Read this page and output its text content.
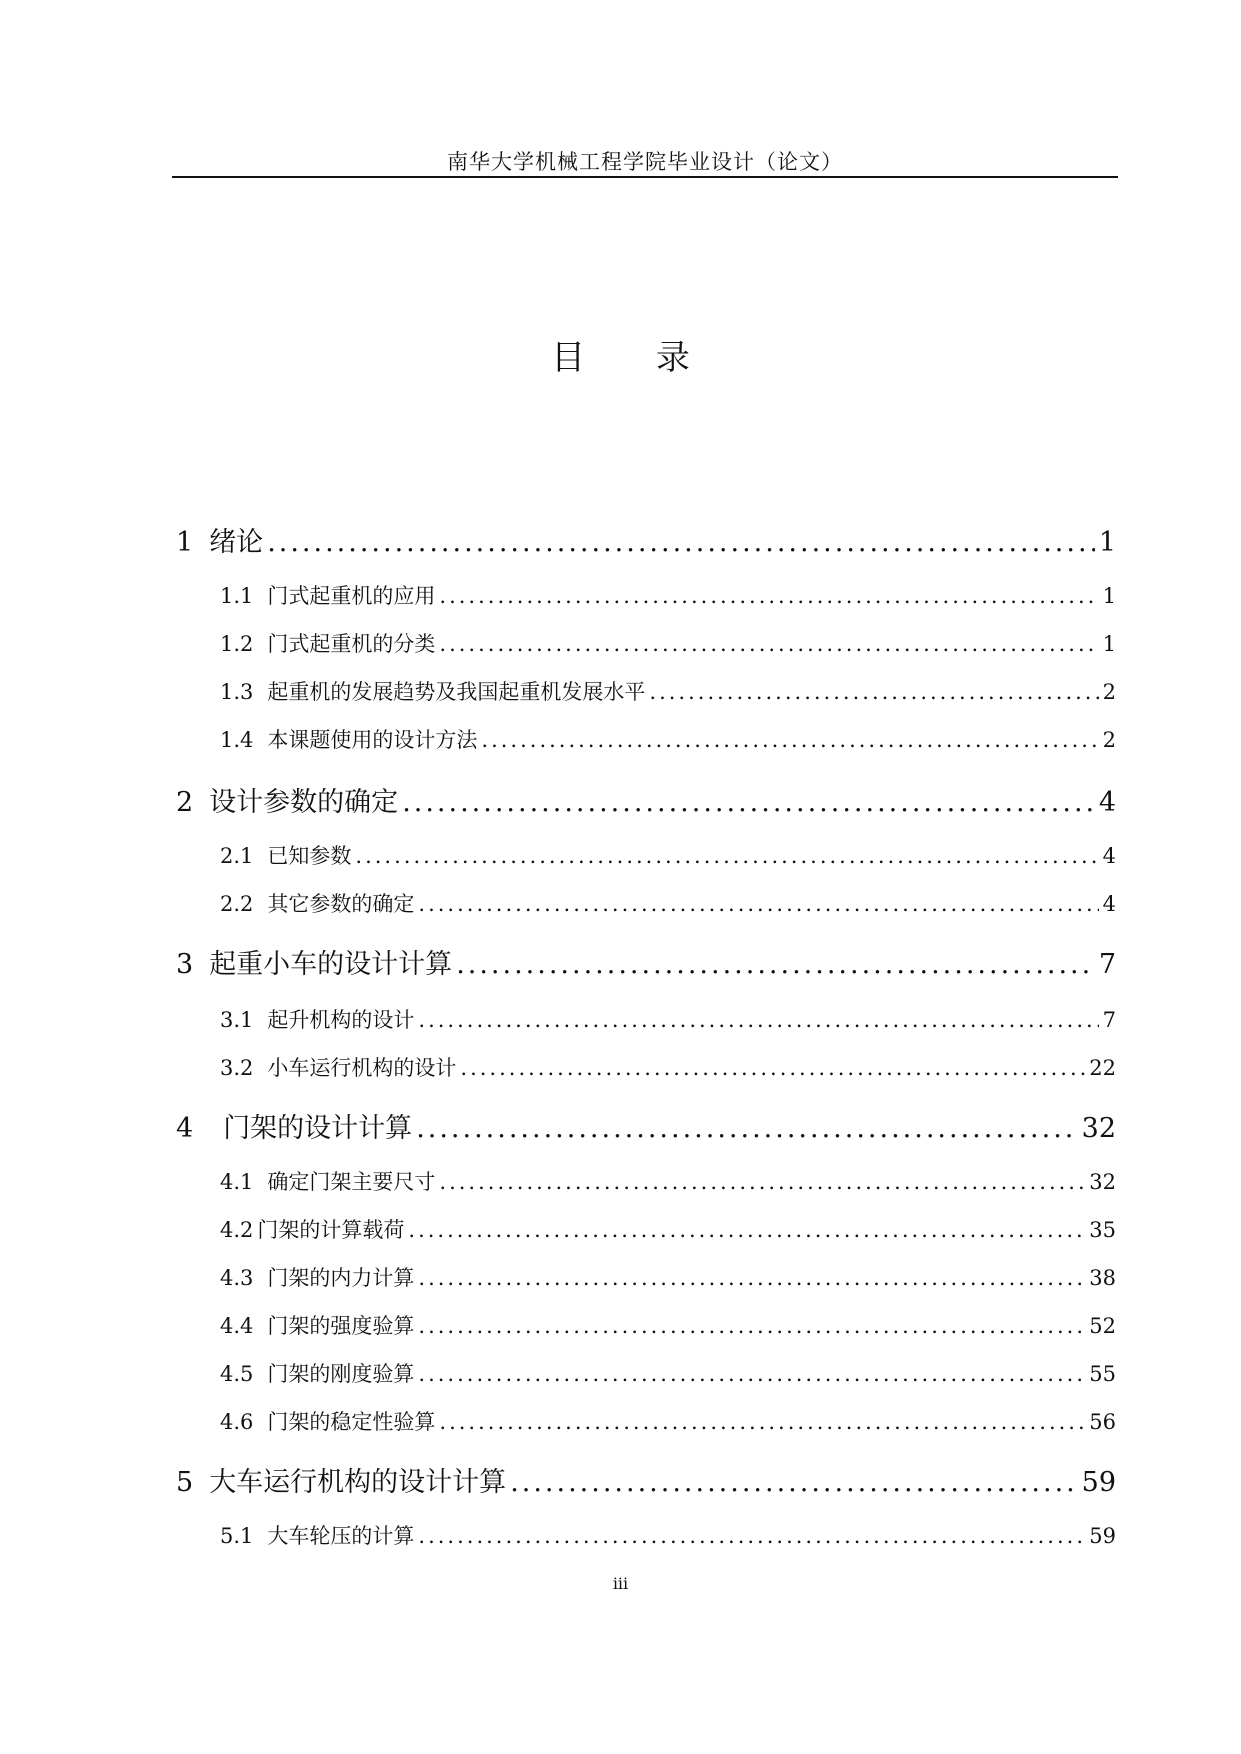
南华大学机械工程学院毕业设计（论文）
目 录
1 绪论 .....	1
1.1 门式起重机的应用 .....	1
1.2 门式起重机的分类 .....	1
1.3 起重机的发展趋势及我国起重机发展水平 .....	2
1.4 本课题使用的设计方法 .....	2
2 设计参数的确定 .....	4
2.1 已知参数 .....	4
2.2 其它参数的确定 .....	4
3 起重小车的设计计算 .....	7
3.1 起升机构的设计 .....	7
3.2 小车运行机构的设计 .....	22
4 门架的设计计算 .....	32
4.1 确定门架主要尺寸 .....	32
4.2 门架的计算载荷 .....	35
4.3 门架的内力计算 .....	38
4.4 门架的强度验算 .....	52
4.5 门架的刚度验算 .....	55
4.6 门架的稳定性验算 .....	56
5 大车运行机构的设计计算 .....	59
5.1 大车轮压的计算 .....	59
iii
